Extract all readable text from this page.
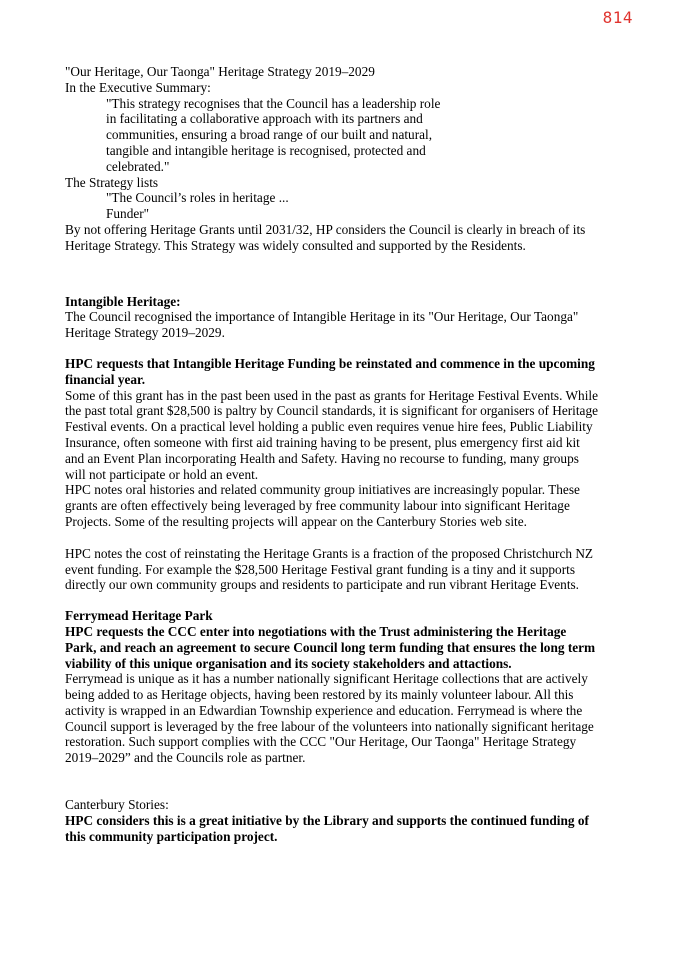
814
"Our Heritage, Our Taonga" Heritage Strategy 2019–2029
In the Executive Summary:
"This strategy recognises that the Council has a leadership role
in facilitating a collaborative approach with its partners and
communities, ensuring a broad range of our built and natural,
tangible and intangible heritage is recognised, protected and
celebrated."
The Strategy lists
"The Council’s roles in heritage ...
Funder"
By not offering Heritage Grants until 2031/32, HP considers the Council is clearly in breach of its
Heritage Strategy. This Strategy was widely consulted and supported by the Residents.
Intangible Heritage:
The Council recognised the importance of Intangible Heritage in its "Our Heritage, Our Taonga"
Heritage Strategy 2019–2029.
HPC requests that Intangible Heritage Funding be reinstated and commence in the upcoming
financial year.
Some of this grant has in the past been used in the past as grants for Heritage Festival Events. While
the past total grant $28,500 is paltry by Council standards, it is significant for organisers of Heritage
Festival events. On a practical level holding a public even requires venue hire fees, Public Liability
Insurance, often someone with first aid training having to be present, plus emergency first aid kit
and an Event Plan incorporating Health and Safety. Having no recourse to funding, many groups
will not participate or hold an event.
HPC notes oral histories and related community group initiatives are increasingly popular. These
grants are often effectively being leveraged by free community labour into significant Heritage
Projects. Some of the resulting projects will appear on the Canterbury Stories web site.
HPC notes the cost of reinstating the Heritage Grants is a fraction of the proposed Christchurch NZ
event funding. For example the $28,500 Heritage Festival grant funding is a tiny and it supports
directly our own community groups and residents to participate and run vibrant Heritage Events.
Ferrymead Heritage Park
HPC requests the CCC enter into negotiations with the Trust administering the Heritage
Park, and reach an agreement to secure Council long term funding that ensures the long term
viability of this unique organisation and its society stakeholders and attactions.
Ferrymead is unique as it has a number nationally significant Heritage collections that are actively
being added to as Heritage objects, having been restored by its mainly volunteer labour. All this
activity is wrapped in an Edwardian Township experience and education. Ferrymead is where the
Council support is leveraged by the free labour of the volunteers into nationally significant heritage
restoration. Such support complies with the CCC "Our Heritage, Our Taonga" Heritage Strategy
2019–2029” and the Councils role as partner.
Canterbury Stories:
HPC considers this is a great initiative by the Library and supports the continued funding of
this community participation project.
